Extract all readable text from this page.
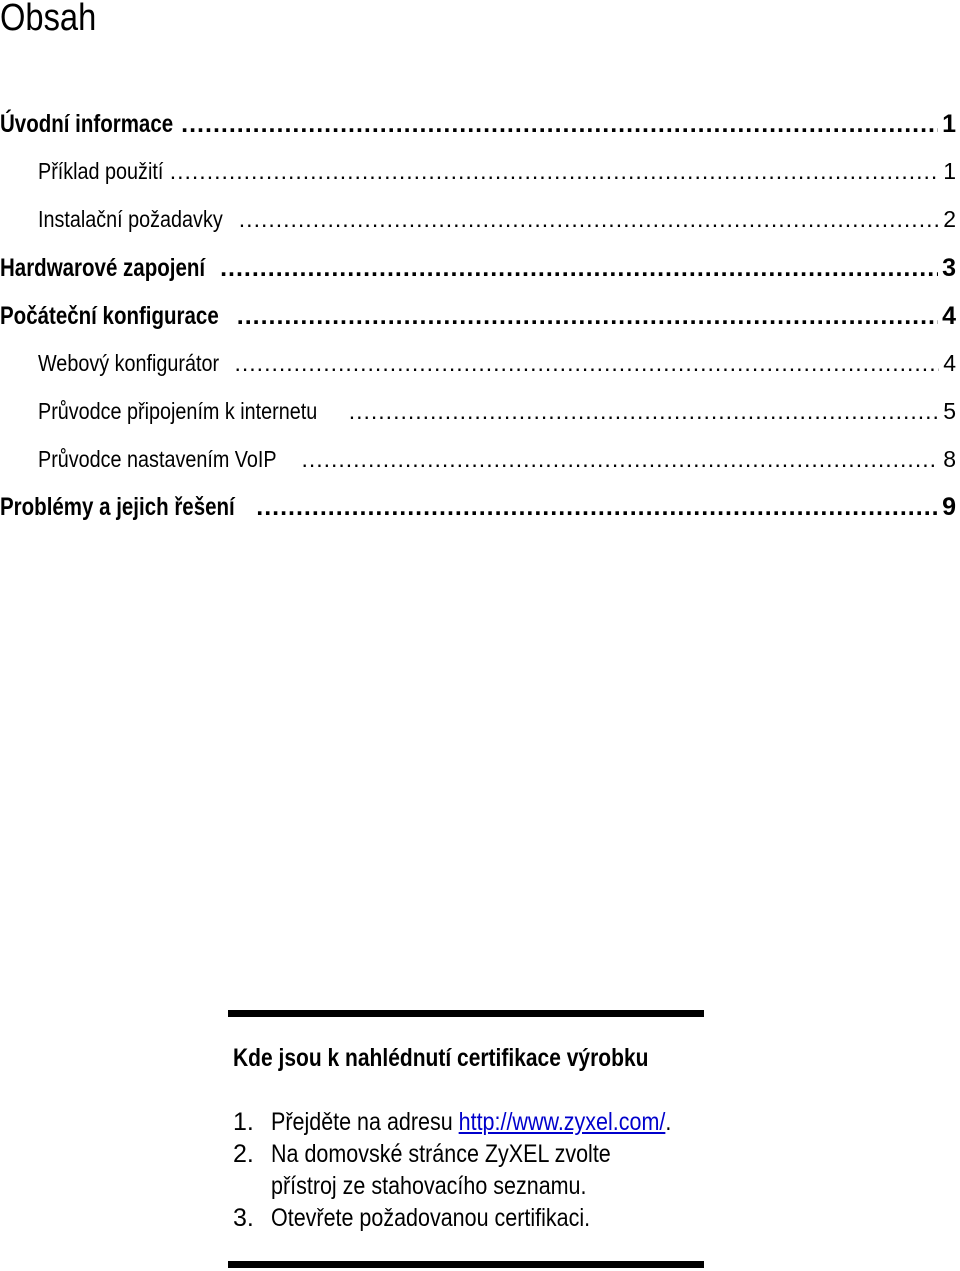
Obsah
Úvodní informace .....	1
Příklad použití .....	1
Instalační požadavky .....	2
Hardwarové zapojení .....	3
Počáteční konfigurace .....	4
Webový konfigurátor .....	4
Průvodce připojením k internetu .....	5
Průvodce nastavením VoIP .....	8
Problémy a jejich řešení .....	9
Kde jsou k nahlédnutí certifikace výrobku
1. Přejděte na adresu http://www.zyxel.com/.
2. Na domovské stránce ZyXEL zvolte přístroj ze stahovacího seznamu.
3. Otevřete požadovanou certifikaci.
